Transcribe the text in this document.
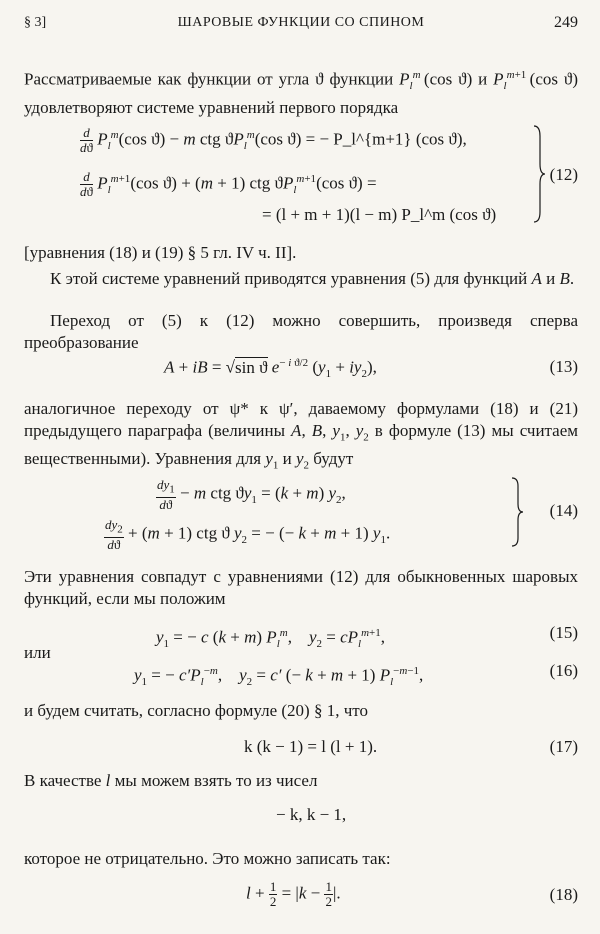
§ 3]	ШАРОВЫЕ ФУНКЦИИ СО СПИНОМ	249
Рассматриваемые как функции от угла ϑ функции $P_l^m$ (cos ϑ) и $P_l^{m+1}$ (cos ϑ) удовлетворяют системе уравнений первого порядка
$\frac{d}{dϑ} P_l^m(\cos$ ϑ) − m ctg $ϑP_l^m(\cos$ ϑ) = − P_l^{m+1} (cos ϑ),
$\frac{d}{dϑ} P_l^{m+1}(\cos$ ϑ) + (m + 1) ctg $ϑP_l^{m+1}(\cos$ ϑ) =
= (l + m + 1)(l − m) P_l^m (cos ϑ)
(12)
[уравнения (18) и (19) § 5 гл. IV ч. II].
К этой системе уравнений приводятся уравнения (5) для функций A и B.
Переход от (5) к (12) можно совершить, произведя сперва преобразование
A + iB = √sin ϑ $e^{- i ϑ/2}$ $(y_1 + iy_2)$,	(13)
аналогичное переходу от ψ* к ψ′, даваемому формулами (18) и (21) предыдущего параграфа (величины A, B, $y_1$, $y_2$ в формуле (13) мы считаем вещественными). Уравнения для $y_1$ и $y_2$ будут
$\frac{dy_1}{dϑ} - m$ ctg $ϑy_1 = (k + m)$ $y_2$,
$\frac{dy_2}{dϑ} + (m + 1)$ ctg ϑ $y_2$ = − (− k + m + 1) $y_1$.
(14)
Эти уравнения совпадут с уравнениями (12) для обыкновенных шаровых функций, если мы положим
$y_1$ = − c (k + m) $P_l^m$,    $y_2 = cP_l^{m+1}$,	(15)
или
$y_1$ = − $c'P_l^{-m}$,    $y_2 = c'$ (− k + m + 1) $P_l^{-m-1}$,	(16)
и будем считать, согласно формуле (20) § 1, что
k (k − 1) = l (l + 1).	(17)
В качестве l мы можем взять то из чисел
− k, k − 1,
которое не отрицательно. Это можно записать так:
$l + \frac{1}{2} = |k - \frac{1}{2}$ |.	(18)
